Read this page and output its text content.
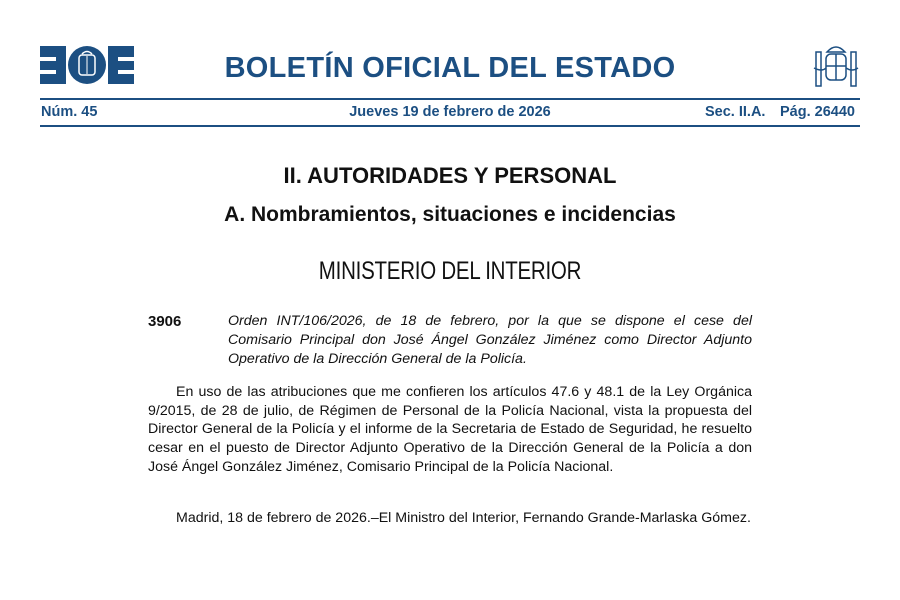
BOLETÍN OFICIAL DEL ESTADO
Núm. 45	Jueves 19 de febrero de 2026	Sec. II.A. Pág. 26440
II. AUTORIDADES Y PERSONAL
A. Nombramientos, situaciones e incidencias
MINISTERIO DEL INTERIOR
3906	Orden INT/106/2026, de 18 de febrero, por la que se dispone el cese del Comisario Principal don José Ángel González Jiménez como Director Adjunto Operativo de la Dirección General de la Policía.

En uso de las atribuciones que me confieren los artículos 47.6 y 48.1 de la Ley Orgánica 9/2015, de 28 de julio, de Régimen de Personal de la Policía Nacional, vista la propuesta del Director General de la Policía y el informe de la Secretaria de Estado de Seguridad, he resuelto cesar en el puesto de Director Adjunto Operativo de la Dirección General de la Policía a don José Ángel González Jiménez, Comisario Principal de la Policía Nacional.

Madrid, 18 de febrero de 2026.–El Ministro del Interior, Fernando Grande-Marlaska Gómez.
